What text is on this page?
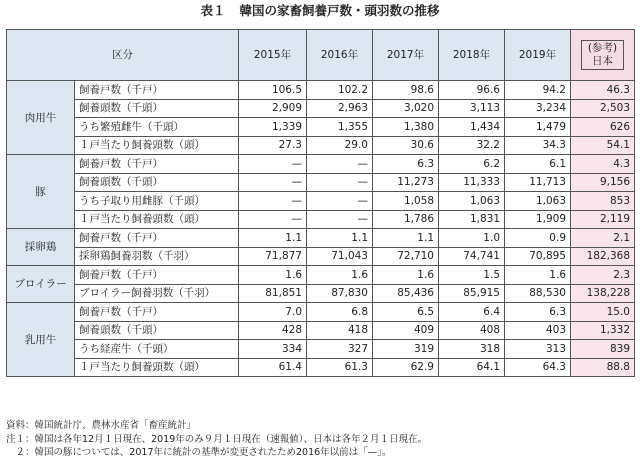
表１ 韓国の家畜飼養戸数・頭羽数の推移
区分		2015年	2016年	2017年	2018年	2019年	(参考)
日本
肉用牛	飼養戸数（千戸）	106.5	102.2	98.6	96.6	94.2	46.3
	飼養頭数（千頭）	2,909	2,963	3,020	3,113	3,234	2,503
	うち繁殖雌牛（千頭）	1,339	1,355	1,380	1,434	1,479	626
	１戸当たり飼養頭数（頭）	27.3	29.0	30.6	32.2	34.3	54.1
豚	飼養戸数（千戸）	—	—	6.3	6.2	6.1	4.3
	飼養頭数（千頭）	—	—	11,273	11,333	11,713	9,156
	うち子取り用雌豚（千頭）	—	—	1,058	1,063	1,063	853
	１戸当たり飼養頭数（頭）	—	—	1,786	1,831	1,909	2,119
採卵鶏	飼養戸数（千戸）	1.1	1.1	1.1	1.0	0.9	2.1
	採卵鶏飼養羽数（千羽）	71,877	71,043	72,710	74,741	70,895	182,368
ブロイラー	飼養戸数（千戸）	1.6	1.6	1.6	1.5	1.6	2.3
	ブロイラー飼養羽数（千羽）	81,851	87,830	85,436	85,915	88,530	138,228
乳用牛	飼養戸数（千戸）	7.0	6.8	6.5	6.4	6.3	15.0
	飼養頭数（千頭）	428	418	409	408	403	1,332
	うち経産牛（千頭）	334	327	319	318	313	839
	１戸当たり飼養頭数（頭）	61.4	61.3	62.9	64.1	64.3	88.8
資料：韓国統計庁、農林水産省「畜産統計」
注１：韓国は各年12月１日現在、2019年のみ９月１日現在（速報値）、日本は各年２月１日現在。
　２：韓国の豚については、2017年に統計の基準が変更されたため2016年以前は「—」。
